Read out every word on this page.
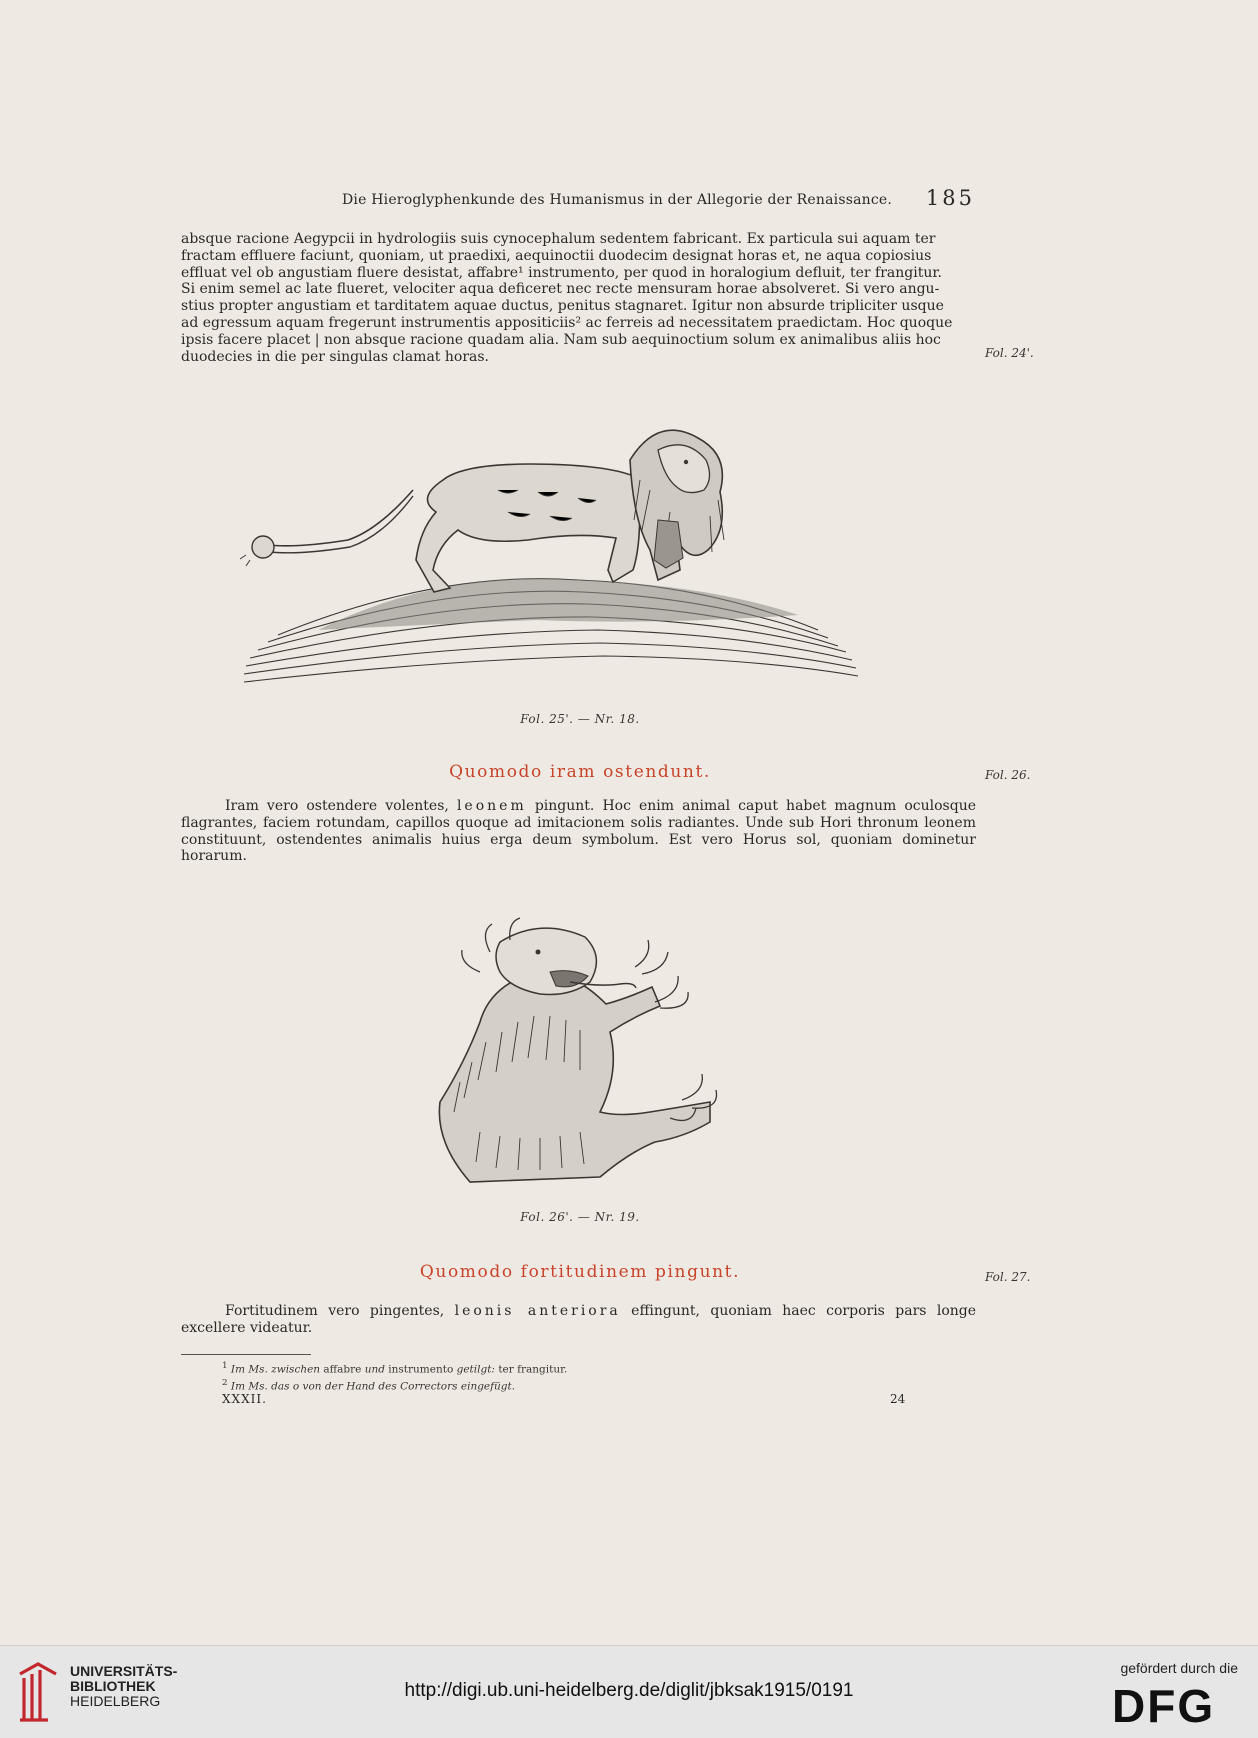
Die Hieroglyphenkunde des Humanismus in der Allegorie der Renaissance. 185

absque racione Aegypcii in hydrologiis suis cynocephalum sedentem fabricant. Ex particula sui aquam ter

fractam effluere faciunt, quoniam, ut praedixi, aequinoctii duodecim designat horas et, ne aqua copiosius

effluat vel ob angustiam fluere desistat, affabre¹ instrumento, per quod in horalogium defluit, ter frangitur.

Si enim semel ac late flueret, velociter aqua deficeret nec recte mensuram horae absolveret. Si vero angu-

stius propter angustiam et tarditatem aquae ductus, penitus stagnaret. Igitur non absurde tripliciter usque

ad egressum aquam fregerunt instrumentis appositiciis² ac ferreis ad necessitatem praedictam. Hoc quoque

ipsis facere placet | non absque racione quadam alia. Nam sub aequinoctium solum ex animalibus aliis hoc

duodecies in die per singulas clamat horas.	Fol. 24'.
Fol. 25'. — Nr. 18.
Quomodo iram ostendunt.	Fol. 26.

Iram vero ostendere volentes, leonem pingunt. Hoc enim animal caput habet magnum oculosque flagrantes, faciem rotundam, capillos quoque ad imitacionem solis radiantes. Unde sub Hori thronum leonem constituunt, ostendentes animalis huius erga deum symbolum. Est vero Horus sol, quoniam dominetur horarum.

Fol. 26'. — Nr. 19.
Quomodo fortitudinem pingunt.	Fol. 27.

Fortitudinem vero pingentes, leonis anteriora effingunt, quoniam haec corporis pars longe excellere videatur.

$^1$ Im Ms. zwischen affabre und instrumento getilgt: ter frangitur.

$^2$ Im Ms. das o von der Hand des Correctors eingefügt.

XXXII.	24
UNIVERSITÄTS-
BIBLIOTHEK
HEIDELBERG	http://digi.ub.uni-heidelberg.de/diglit/jbksak1915/0191
gefördert durch die
DFG
